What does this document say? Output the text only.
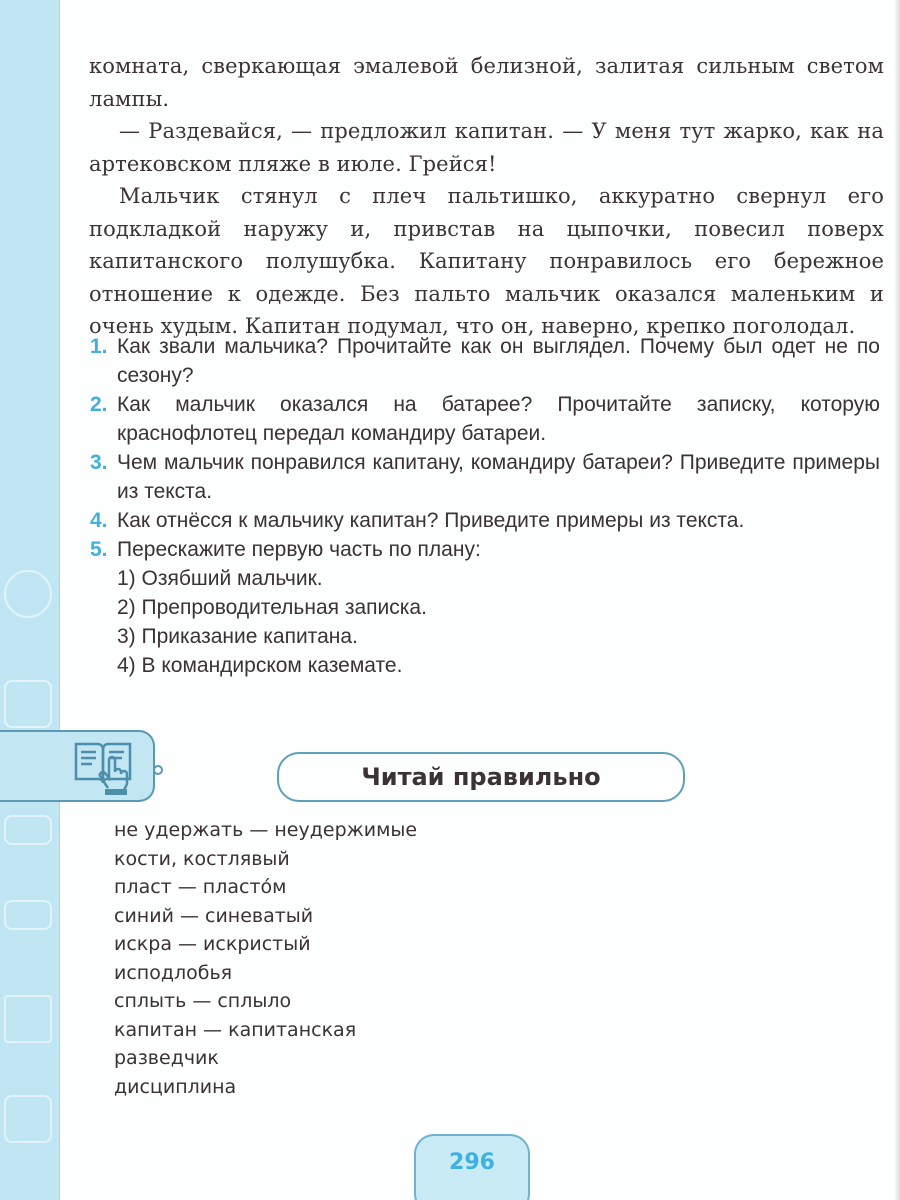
комната, сверкающая эмалевой белизной, залитая сильным светом лампы.

— Раздевайся, — предложил капитан. — У меня тут жарко, как на артековском пляже в июле. Грейся!

Мальчик стянул с плеч пальтишко, аккуратно свернул его подкладкой наружу и, привстав на цыпочки, повесил поверх капитанского полушубка. Капитану понравилось его бережное отношение к одежде. Без пальто мальчик оказался маленьким и очень худым. Капитан подумал, что он, наверно, крепко поголодал.

1. Как звали мальчика? Прочитайте как он выглядел. Почему был одет не по сезону?
2. Как мальчик оказался на батарее? Прочитайте записку, которую краснофлотец передал командиру батареи.
3. Чем мальчик понравился капитану, командиру батареи? Приведите примеры из текста.
4. Как отнёсся к мальчику капитан? Приведите примеры из текста.
5. Перескажите первую часть по плану:
1) Озябший мальчик.
2) Препроводительная записка.
3) Приказание капитана.
4) В командирском каземате.
Читай правильно
не удержать — неудержимые
кости, костлявый
пласт — пластóм
синий — синеватый
искра — искристый
исподлобья
сплыть — сплыло
капитан — капитанская
разведчик
дисциплина
296
